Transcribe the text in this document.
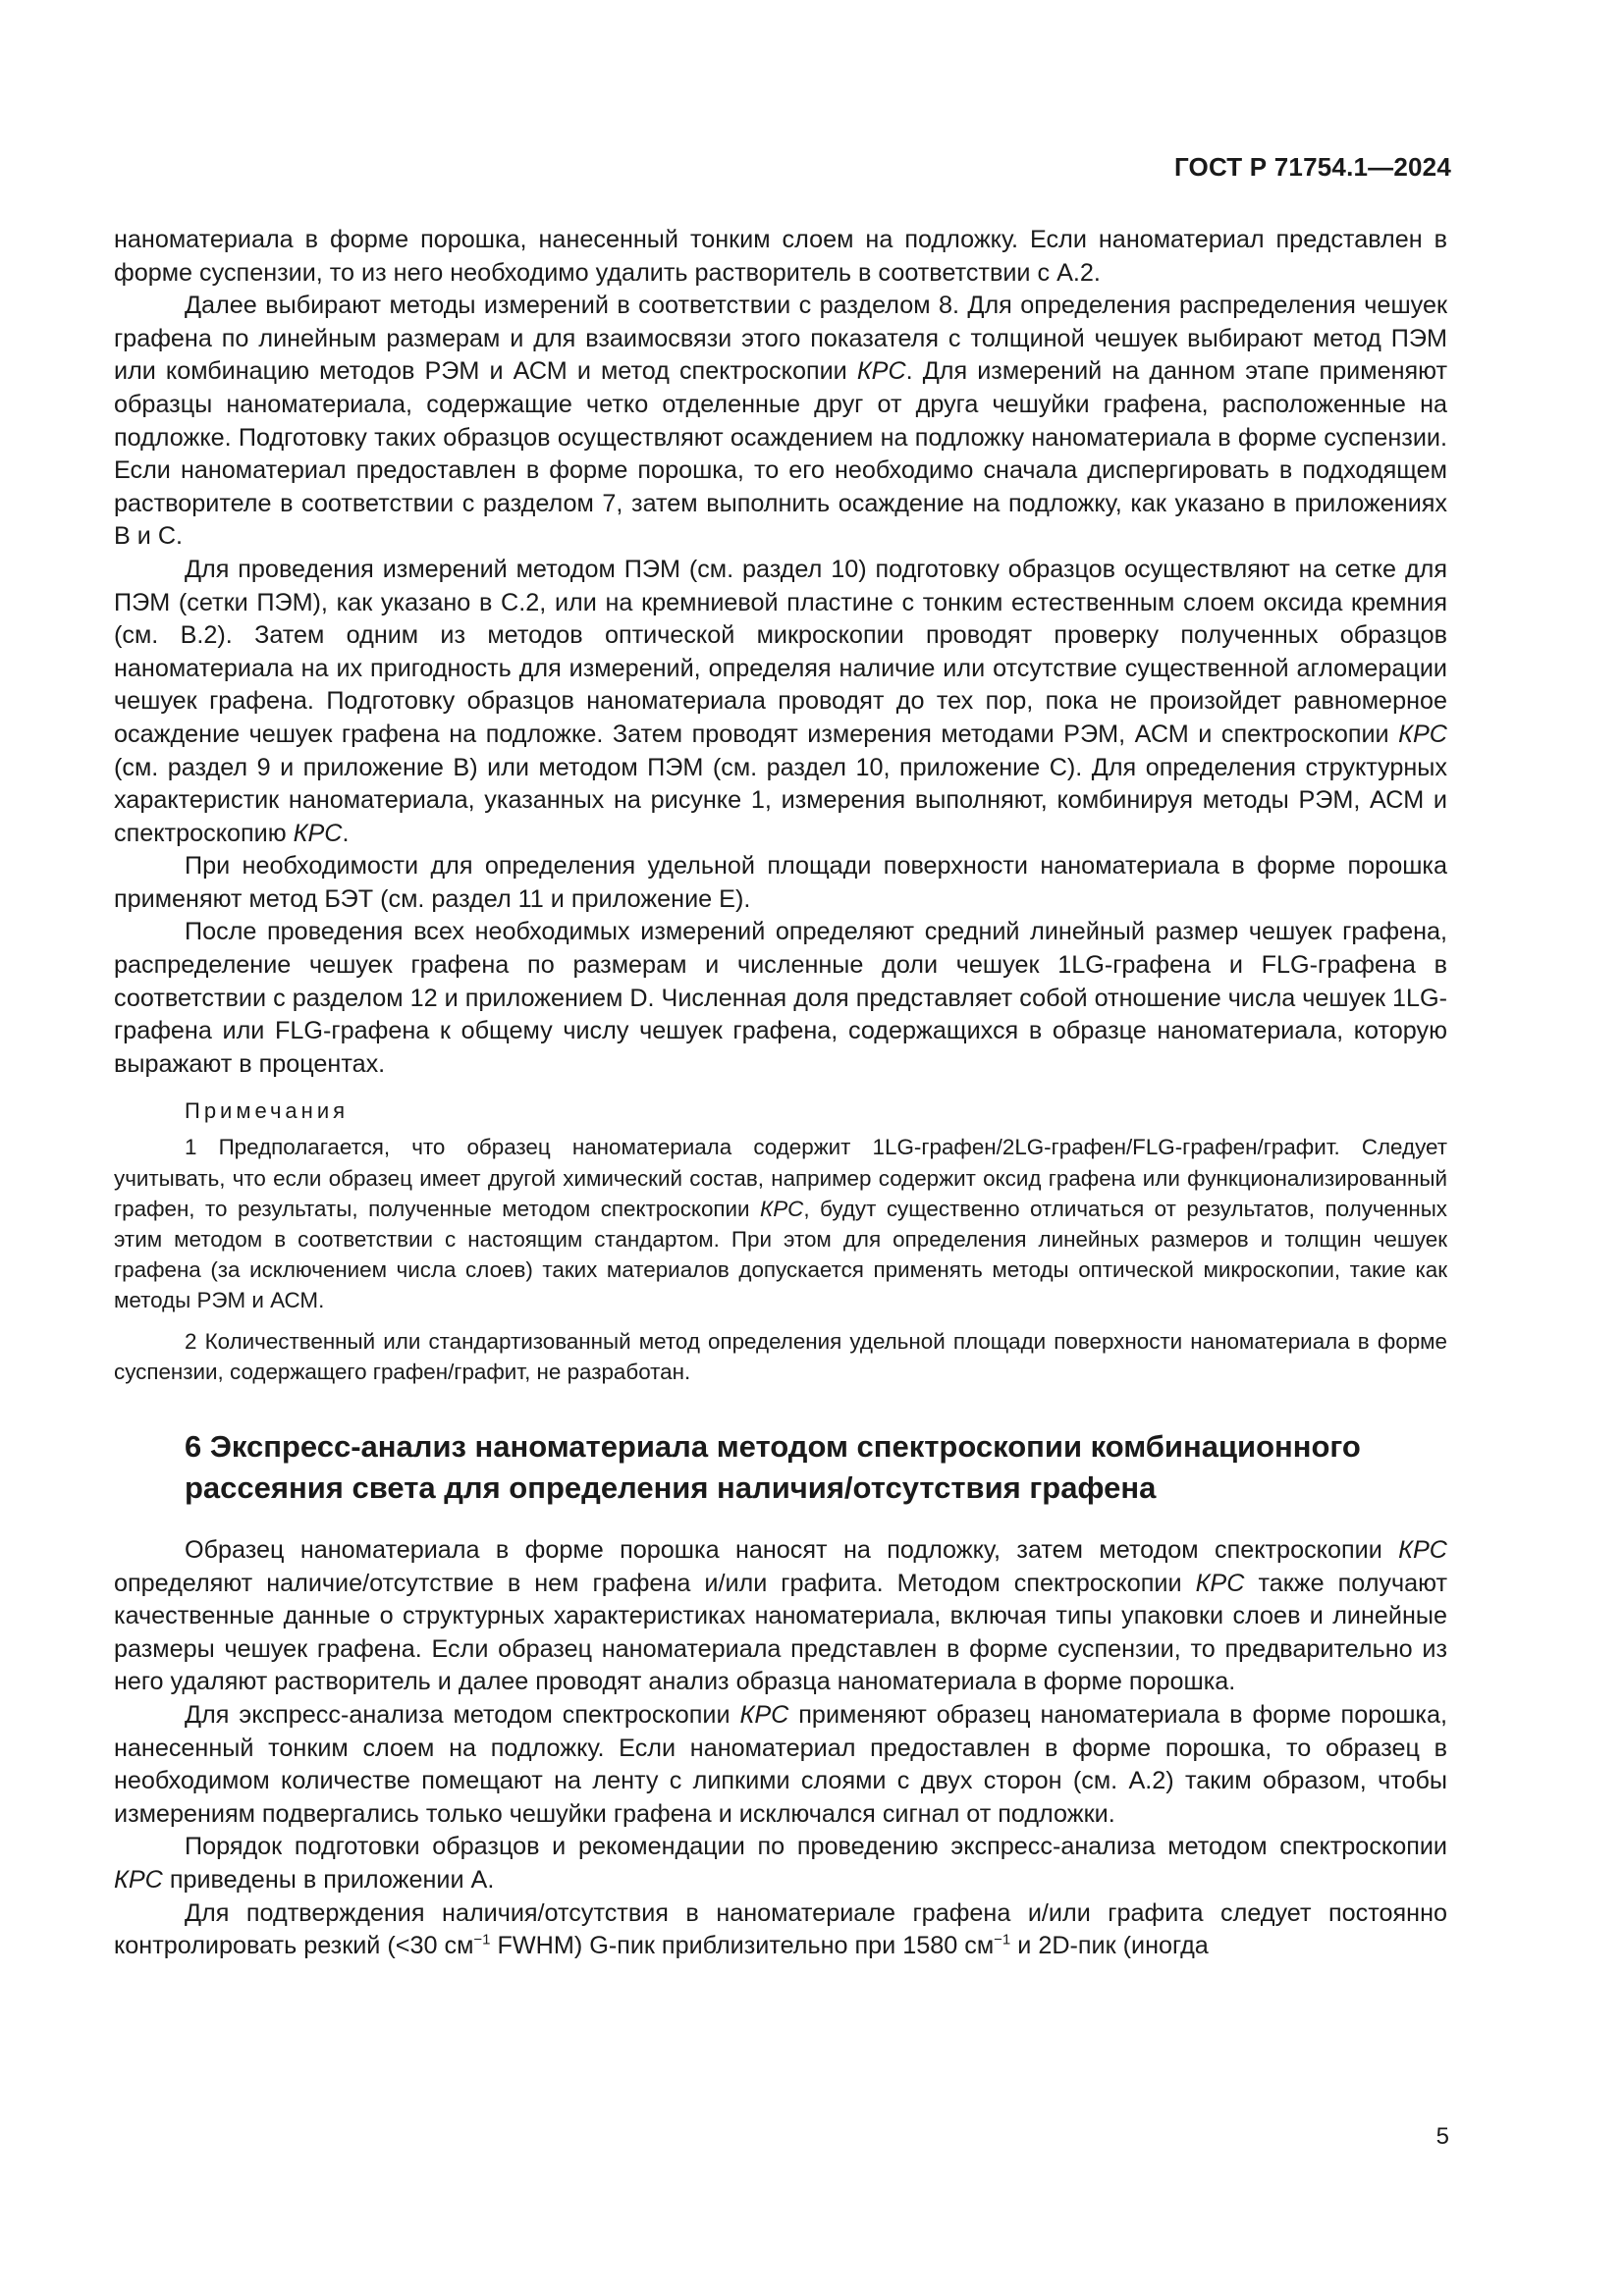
ГОСТ Р 71754.1—2024

наноматериала в форме порошка, нанесенный тонким слоем на подложку. Если наноматериал представлен в форме суспензии, то из него необходимо удалить растворитель в соответствии с А.2.

Далее выбирают методы измерений в соответствии с разделом 8. Для определения распределения чешуек графена по линейным размерам и для взаимосвязи этого показателя с толщиной чешуек выбирают метод ПЭМ или комбинацию методов РЭМ и АСМ и метод спектроскопии КРС. Для измерений на данном этапе применяют образцы наноматериала, содержащие четко отделенные друг от друга чешуйки графена, расположенные на подложке. Подготовку таких образцов осуществляют осаждением на подложку наноматериала в форме суспензии. Если наноматериал предоставлен в форме порошка, то его необходимо сначала диспергировать в подходящем растворителе в соответствии с разделом 7, затем выполнить осаждение на подложку, как указано в приложениях В и С.

Для проведения измерений методом ПЭМ (см. раздел 10) подготовку образцов осуществляют на сетке для ПЭМ (сетки ПЭМ), как указано в С.2, или на кремниевой пластине с тонким естественным слоем оксида кремния (см. В.2). Затем одним из методов оптической микроскопии проводят проверку полученных образцов наноматериала на их пригодность для измерений, определяя наличие или отсутствие существенной агломерации чешуек графена. Подготовку образцов наноматериала проводят до тех пор, пока не произойдет равномерное осаждение чешуек графена на подложке. Затем проводят измерения методами РЭМ, АСМ и спектроскопии КРС (см. раздел 9 и приложение В) или методом ПЭМ (см. раздел 10, приложение С). Для определения структурных характеристик наноматериала, указанных на рисунке 1, измерения выполняют, комбинируя методы РЭМ, АСМ и спектроскопию КРС.

При необходимости для определения удельной площади поверхности наноматериала в форме порошка применяют метод БЭТ (см. раздел 11 и приложение Е).

После проведения всех необходимых измерений определяют средний линейный размер чешуек графена, распределение чешуек графена по размерам и численные доли чешуек 1LG-графена и FLG-графена в соответствии с разделом 12 и приложением D. Численная доля представляет собой отношение числа чешуек 1LG-графена или FLG-графена к общему числу чешуек графена, содержащихся в образце наноматериала, которую выражают в процентах.

Примечания

1 Предполагается, что образец наноматериала содержит 1LG-графен/2LG-графен/FLG-графен/графит. Следует учитывать, что если образец имеет другой химический состав, например содержит оксид графена или функционализированный графен, то результаты, полученные методом спектроскопии КРС, будут существенно отличаться от результатов, полученных этим методом в соответствии с настоящим стандартом. При этом для определения линейных размеров и толщин чешуек графена (за исключением числа слоев) таких материалов допускается применять методы оптической микроскопии, такие как методы РЭМ и АСМ.

2 Количественный или стандартизованный метод определения удельной площади поверхности наноматериала в форме суспензии, содержащего графен/графит, не разработан.

6 Экспресс-анализ наноматериала методом спектроскопии комбинационного рассеяния света для определения наличия/отсутствия графена

Образец наноматериала в форме порошка наносят на подложку, затем методом спектроскопии КРС определяют наличие/отсутствие в нем графена и/или графита. Методом спектроскопии КРС также получают качественные данные о структурных характеристиках наноматериала, включая типы упаковки слоев и линейные размеры чешуек графена. Если образец наноматериала представлен в форме суспензии, то предварительно из него удаляют растворитель и далее проводят анализ образца наноматериала в форме порошка.

Для экспресс-анализа методом спектроскопии КРС применяют образец наноматериала в форме порошка, нанесенный тонким слоем на подложку. Если наноматериал предоставлен в форме порошка, то образец в необходимом количестве помещают на ленту с липкими слоями с двух сторон (см. А.2) таким образом, чтобы измерениям подвергались только чешуйки графена и исключался сигнал от подложки.

Порядок подготовки образцов и рекомендации по проведению экспресс-анализа методом спектроскопии КРС приведены в приложении А.

Для подтверждения наличия/отсутствия в наноматериале графена и/или графита следует постоянно контролировать резкий (<30 $см^{-1}$ FWHM) G-пик приблизительно при 1580 $см^{-1}$ и 2D-пик (иногда

5
